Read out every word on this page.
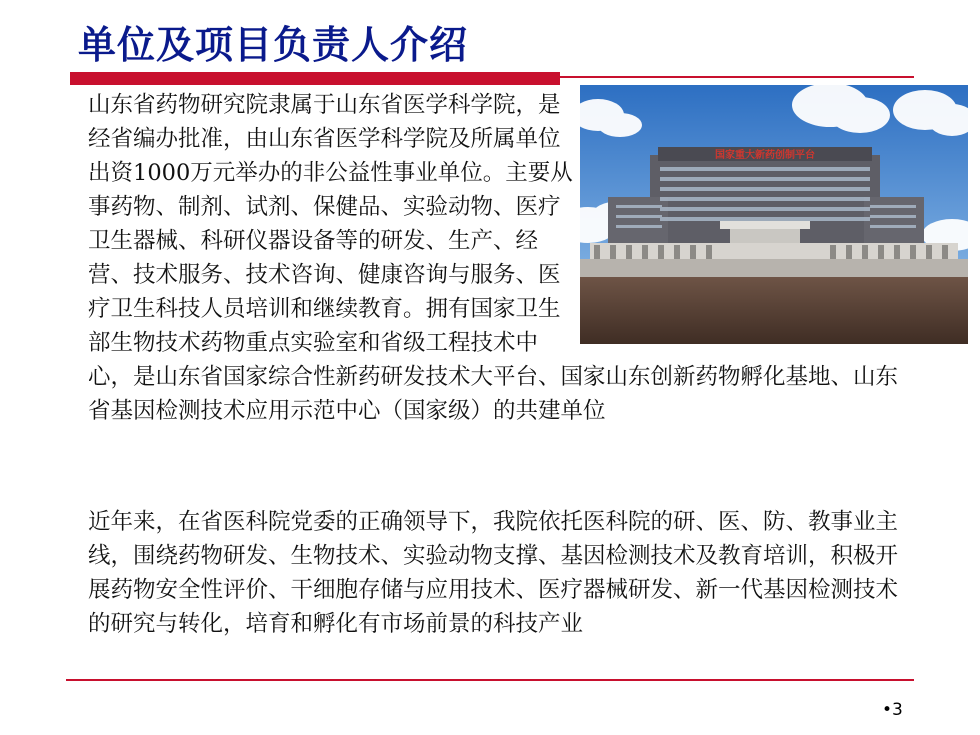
单位及项目负责人介绍

山东省药物研究院隶属于山东省医学科学院，是经省编办批准，由山东省医学科学院及所属单位出资1000万元举办的非公益性事业单位。主要从事药物、制剂、试剂、保健品、实验动物、医疗卫生器械、科研仪器设备等的研发、生产、经营、技术服务、技术咨询、健康咨询与服务、医疗卫生科技人员培训和继续教育。拥有国家卫生部生物技术药物重点实验室和省级工程技术中心，是山东省国家综合性新药研发技术大平台、国家山东创新药物孵化基地、山东省基因检测技术应用示范中心（国家级）的共建单位

国家重大新药创制平台

近年来，在省医科院党委的正确领导下，我院依托医科院的研、医、防、教事业主线，围绕药物研发、生物技术、实验动物支撑、基因检测技术及教育培训，积极开展药物安全性评价、干细胞存储与应用技术、医疗器械研发、新一代基因检测技术的研究与转化，培育和孵化有市场前景的科技产业

•3
